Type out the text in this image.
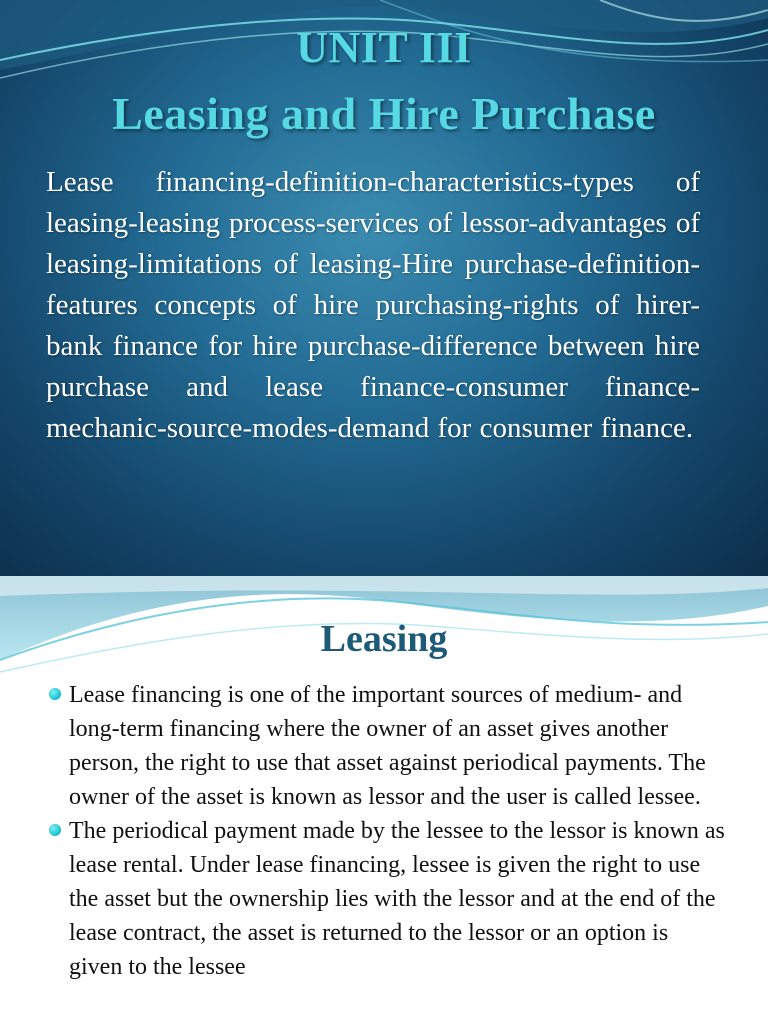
UNIT III
Leasing and Hire Purchase
Lease financing-definition-characteristics-types of leasing-leasing process-services of lessor-advantages of leasing-limitations of leasing-Hire purchase-definition-features concepts of hire purchasing-rights of hirer-bank finance for hire purchase-difference between hire purchase and lease finance-consumer finance-mechanic-source-modes-demand for consumer finance.
Leasing
Lease financing is one of the important sources of medium- and long-term financing where the owner of an asset gives another person, the right to use that asset against periodical payments. The owner of the asset is known as lessor and the user is called lessee.
The periodical payment made by the lessee to the lessor is known as lease rental. Under lease financing, lessee is given the right to use the asset but the ownership lies with the lessor and at the end of the lease contract, the asset is returned to the lessor or an option is given to the lessee
